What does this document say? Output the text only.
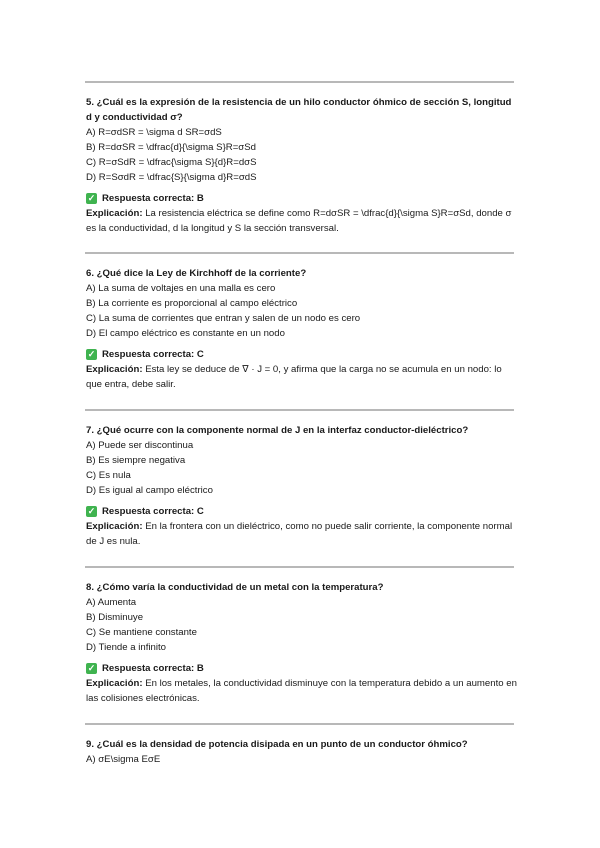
5. ¿Cuál es la expresión de la resistencia de un hilo conductor óhmico de sección S, longitud d y conductividad σ?
A) R=σdSR = \sigma d SR=σdS
B) R=dσSR = \dfrac{d}{\sigma S}R=σSd
C) R=σSdR = \dfrac{\sigma S}{d}R=dσS
D) R=SσdR = \dfrac{S}{\sigma d}R=σdS
✓ Respuesta correcta: B
Explicación: La resistencia eléctrica se define como R=dσSR = \dfrac{d}{\sigma S}R=σSd, donde σ es la conductividad, d la longitud y S la sección transversal.
6. ¿Qué dice la Ley de Kirchhoff de la corriente?
A) La suma de voltajes en una malla es cero
B) La corriente es proporcional al campo eléctrico
C) La suma de corrientes que entran y salen de un nodo es cero
D) El campo eléctrico es constante en un nodo
✓ Respuesta correcta: C
Explicación: Esta ley se deduce de ∇ · J = 0, y afirma que la carga no se acumula en un nodo: lo que entra, debe salir.
7. ¿Qué ocurre con la componente normal de J en la interfaz conductor-dieléctrico?
A) Puede ser discontinua
B) Es siempre negativa
C) Es nula
D) Es igual al campo eléctrico
✓ Respuesta correcta: C
Explicación: En la frontera con un dieléctrico, como no puede salir corriente, la componente normal de J es nula.
8. ¿Cómo varía la conductividad de un metal con la temperatura?
A) Aumenta
B) Disminuye
C) Se mantiene constante
D) Tiende a infinito
✓ Respuesta correcta: B
Explicación: En los metales, la conductividad disminuye con la temperatura debido a un aumento en las colisiones electrónicas.
9. ¿Cuál es la densidad de potencia disipada en un punto de un conductor óhmico?
A) σE\sigma EσE
